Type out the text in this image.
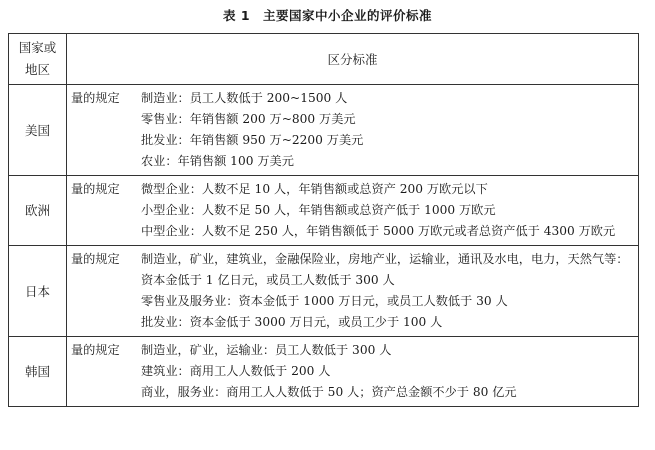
表 1　主要国家中小企业的评价标准
国家或
地区	区分标准
美国	量的规定 制造业：员工人数低于 200~1500 人
零售业：年销售额 200 万~800 万美元
批发业：年销售额 950 万~2200 万美元
农业：年销售额 100 万美元

欧洲	量的规定 微型企业：人数不足 10 人，年销售额或总资产 200 万欧元以下
小型企业：人数不足 50 人，年销售额或总资产低于 1000 万欧元
中型企业：人数不足 250 人，年销售额低于 5000 万欧元或者总资产低于 4300 万欧元

日本	量的规定 制造业，矿业，建筑业，金融保险业，房地产业，运输业，通讯及水电，电力，天然气等：资本金低于 1 亿日元，或员工人数低于 300 人
零售业及服务业：资本金低于 1000 万日元，或员工人数低于 30 人
批发业：资本金低于 3000 万日元，或员工少于 100 人

韩国	量的规定 制造业，矿业，运输业：员工人数低于 300 人
建筑业：商用工人人数低于 200 人
商业，服务业：商用工人人数低于 50 人；资产总金额不少于 80 亿元
